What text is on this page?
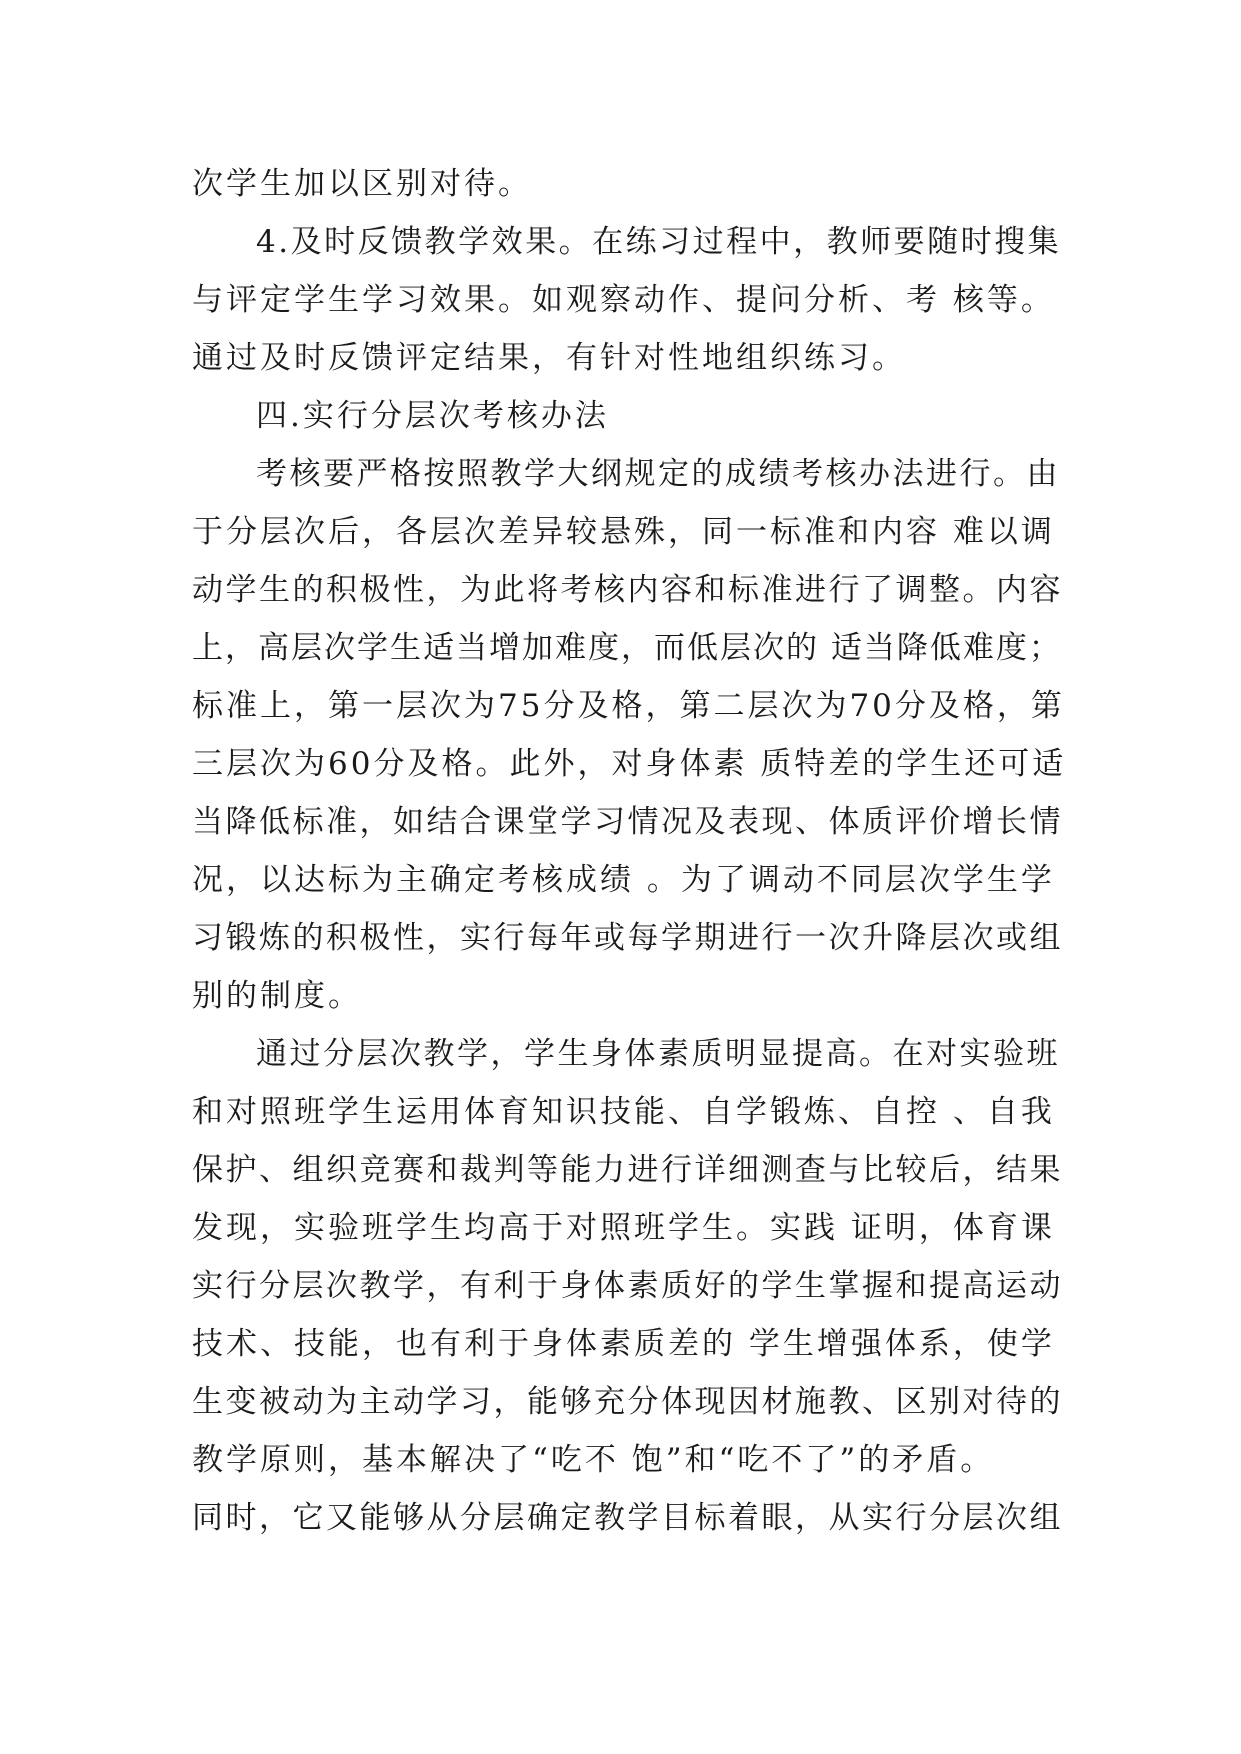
次学生加以区别对待。
4.及时反馈教学效果。在练习过程中，教师要随时搜集
与评定学生学习效果。如观察动作、提问分析、考 核等。
通过及时反馈评定结果，有针对性地组织练习。
四.实行分层次考核办法
考核要严格按照教学大纲规定的成绩考核办法进行。由
于分层次后，各层次差异较悬殊，同一标准和内容 难以调
动学生的积极性，为此将考核内容和标准进行了调整。内容
上，高层次学生适当增加难度，而低层次的 适当降低难度；
标准上，第一层次为75分及格，第二层次为70分及格，第
三层次为60分及格。此外，对身体素 质特差的学生还可适
当降低标准，如结合课堂学习情况及表现、体质评价增长情
况，以达标为主确定考核成绩 。为了调动不同层次学生学
习锻炼的积极性，实行每年或每学期进行一次升降层次或组
别的制度。
通过分层次教学，学生身体素质明显提高。在对实验班
和对照班学生运用体育知识技能、自学锻炼、自控 、自我
保护、组织竞赛和裁判等能力进行详细测查与比较后，结果
发现，实验班学生均高于对照班学生。实践 证明，体育课
实行分层次教学，有利于身体素质好的学生掌握和提高运动
技术、技能，也有利于身体素质差的 学生增强体系，使学
生变被动为主动学习，能够充分体现因材施教、区别对待的
教学原则，基本解决了“吃不 饱”和“吃不了”的矛盾。
同时，它又能够从分层确定教学目标着眼，从实行分层次组
